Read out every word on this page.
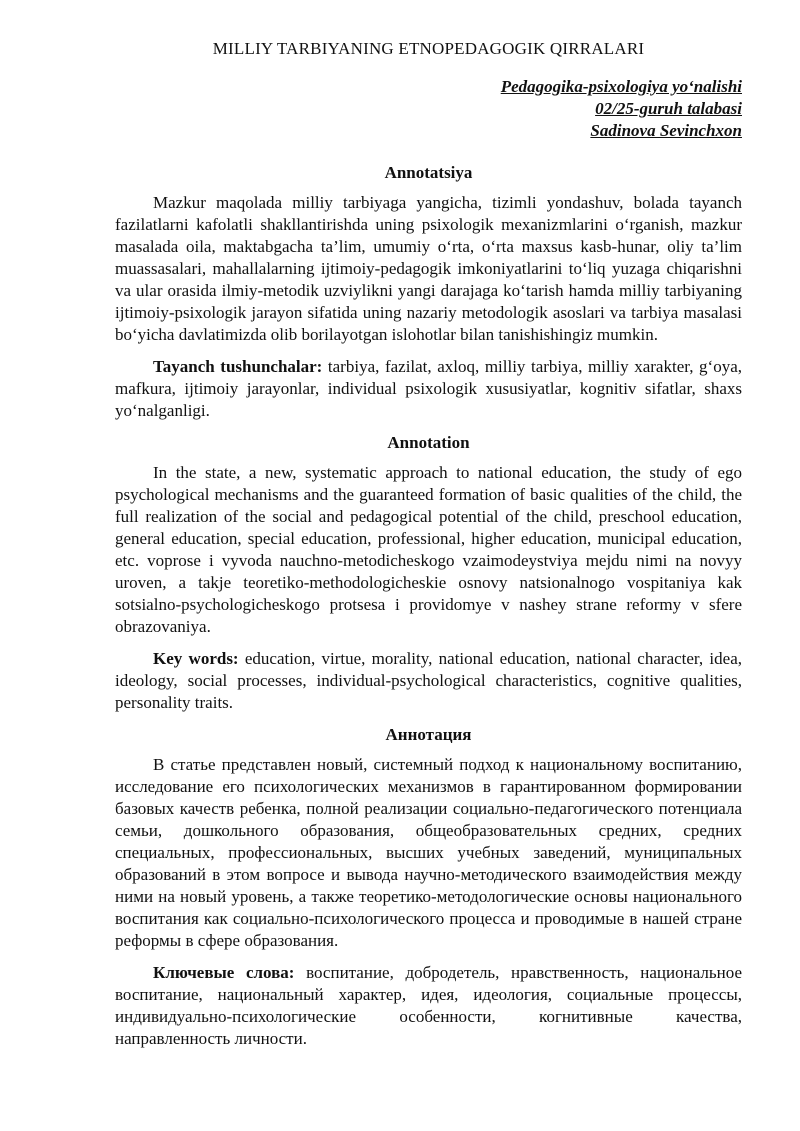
MILLIY TARBIYANING ETNOPEDAGOGIK QIRRALARI
Pedagogika-psixologiya yo‘nalishi
02/25-guruh talabasi
Sadinova Sevinchxon
Annotatsiya

Mazkur maqolada milliy tarbiyaga yangicha, tizimli yondashuv, bolada tayanch fazilatlarni kafolatli shakllantirishda uning psixologik mexanizmlarini o‘rganish, mazkur masalada oila, maktabgacha ta’lim, umumiy o‘rta, o‘rta maxsus kasb-hunar, oliy ta’lim muassasalari, mahallalarning ijtimoiy-pedagogik imkoniyatlarini to‘liq yuzaga chiqarishni va ular orasida ilmiy-metodik uzviylikni yangi darajaga ko‘tarish hamda milliy tarbiyaning ijtimoiy-psixologik jarayon sifatida uning nazariy metodologik asoslari va tarbiya masalasi bo‘yicha davlatimizda olib borilayotgan islohotlar bilan tanishishingiz mumkin.

Tayanch tushunchalar: tarbiya, fazilat, axloq, milliy tarbiya, milliy xarakter, g‘oya, mafkura, ijtimoiy jarayonlar, individual psixologik xususiyatlar, kognitiv sifatlar, shaxs yo‘nalganligi.

Annotation

In the state, a new, systematic approach to national education, the study of ego psychological mechanisms and the guaranteed formation of basic qualities of the child, the full realization of the social and pedagogical potential of the child, preschool education, general education, special education, professional, higher education, municipal education, etc. voprose i vyvoda nauchno-metodicheskogo vzaimodeystviya mejdu nimi na novyy uroven, a takje teoretiko-methodologicheskie osnovy natsionalnogo vospitaniya kak sotsialno-psychologicheskogo protsesa i providomye v nashey strane reformy v sfere obrazovaniya.

Key words: education, virtue, morality, national education, national character, idea, ideology, social processes, individual-psychological characteristics, cognitive qualities, personality traits.

Аннотация

В статье представлен новый, системный подход к национальному воспитанию, исследование его психологических механизмов в гарантированном формировании базовых качеств ребенка, полной реализации социально-педагогического потенциала семьи, дошкольного образования, общеобразовательных средних, средних специальных, профессиональных, высших учебных заведений, муниципальных образований в этом вопросе и вывода научно-методического взаимодействия между ними на новый уровень, а также теоретико-методологические основы национального воспитания как социально-психологического процесса и проводимые в нашей стране реформы в сфере образования.

Ключевые слова: воспитание, добродетель, нравственность, национальное воспитание, национальный характер, идея, идеология, социальные процессы, индивидуально-психологические особенности, когнитивные качества, направленность личности.
